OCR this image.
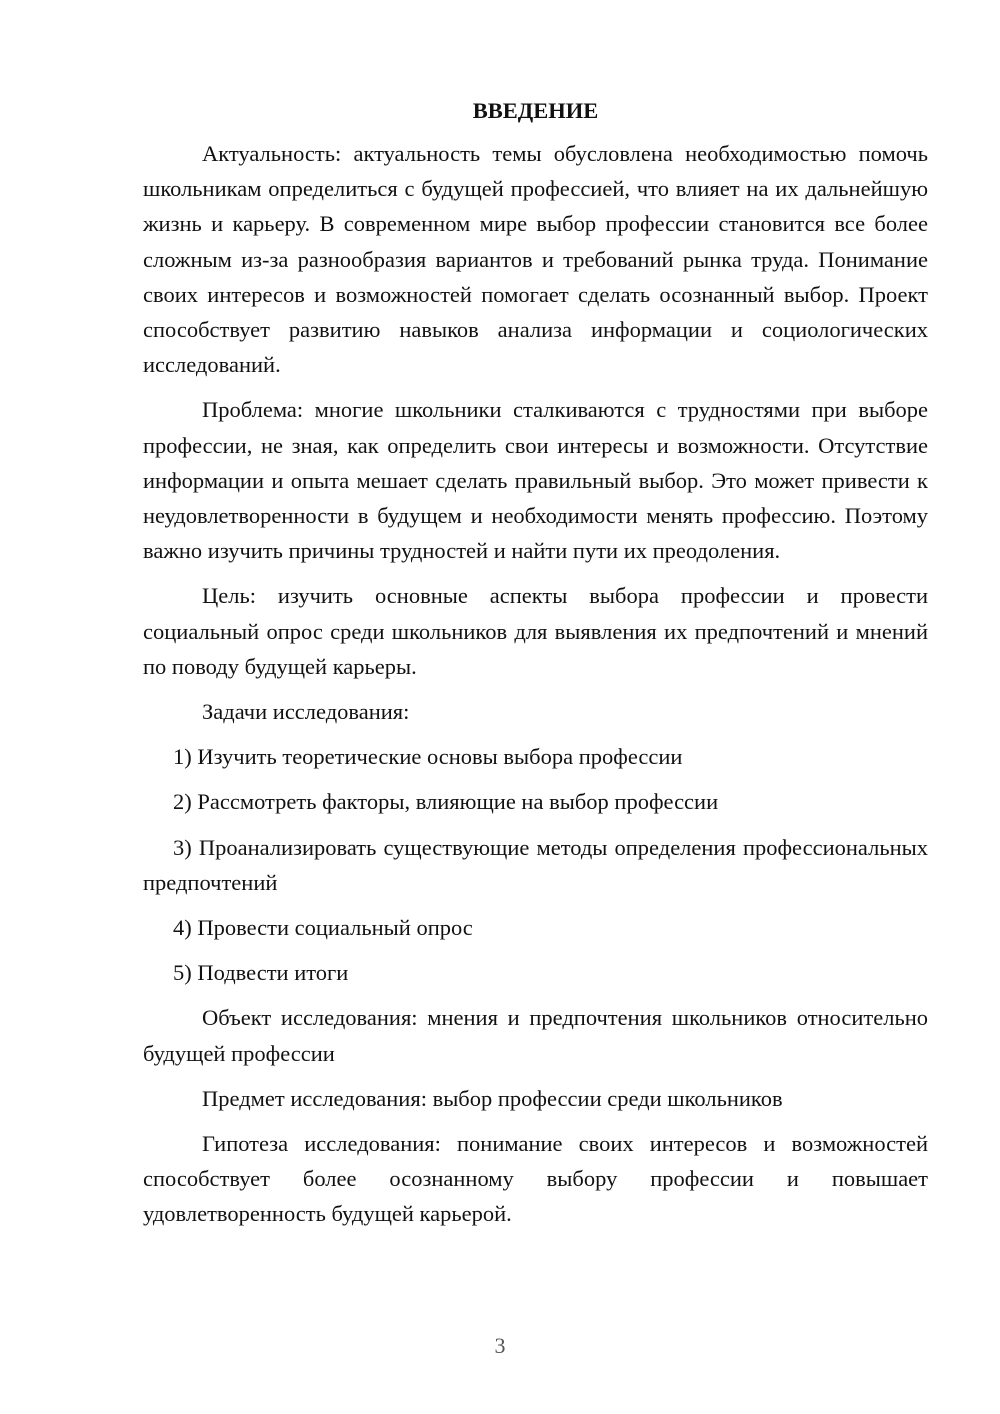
ВВЕДЕНИЕ

Актуальность: актуальность темы обусловлена необходимостью помочь школьникам определиться с будущей профессией, что влияет на их дальнейшую жизнь и карьеру. В современном мире выбор профессии становится все более сложным из-за разнообразия вариантов и требований рынка труда. Понимание своих интересов и возможностей помогает сделать осознанный выбор. Проект способствует развитию навыков анализа информации и социологических исследований.

Проблема: многие школьники сталкиваются с трудностями при выборе профессии, не зная, как определить свои интересы и возможности. Отсутствие информации и опыта мешает сделать правильный выбор. Это может привести к неудовлетворенности в будущем и необходимости менять профессию. Поэтому важно изучить причины трудностей и найти пути их преодоления.

Цель: изучить основные аспекты выбора профессии и провести социальный опрос среди школьников для выявления их предпочтений и мнений по поводу будущей карьеры.

Задачи исследования:

1) Изучить теоретические основы выбора профессии

2) Рассмотреть факторы, влияющие на выбор профессии

3) Проанализировать существующие методы определения профессиональных предпочтений

4) Провести социальный опрос

5) Подвести итоги

Объект исследования: мнения и предпочтения школьников относительно будущей профессии

Предмет исследования: выбор профессии среди школьников

Гипотеза исследования: понимание своих интересов и возможностей способствует более осознанному выбору профессии и повышает удовлетворенность будущей карьерой.

3
